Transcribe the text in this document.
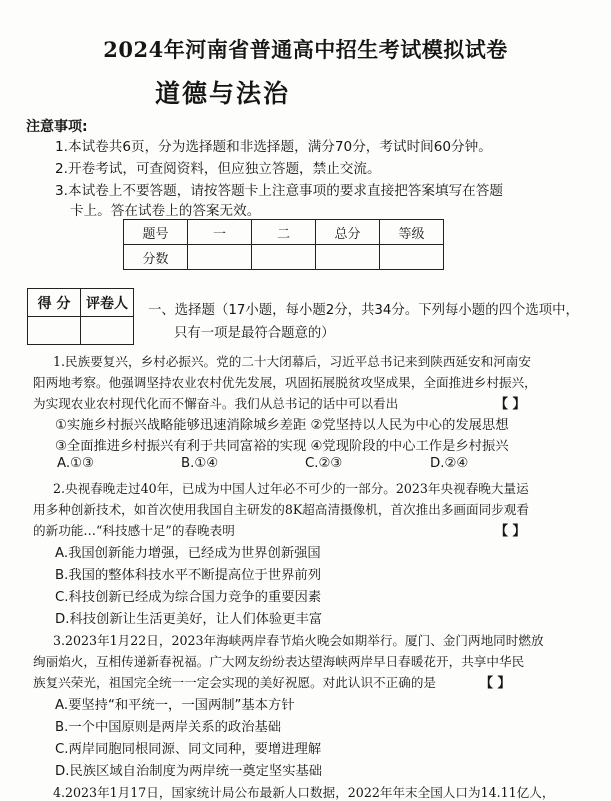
2024年河南省普通高中招生考试模拟试卷
道德与法治
注意事项:
1.本试卷共6页，分为选择题和非选择题，满分70分，考试时间60分钟。
2.开卷考试，可查阅资料，但应独立答题，禁止交流。
3.本试卷上不要答题，请按答题卡上注意事项的要求直接把答案填写在答题
卡上。答在试卷上的答案无效。
题号	一	二	总分	等级
分数				
得 分	评卷人
	一、选择题（17小题，每小题2分，共34分。下列每小题的四个选项中，
只有一项是最符合题意的）
1.民族要复兴，乡村必振兴。党的二十大闭幕后，习近平总书记来到陕西延安和河南安
阳两地考察。他强调坚持农业农村优先发展，巩固拓展脱贫攻坚成果，全面推进乡村振兴，
为实现农业农村现代化而不懈奋斗。我们从总书记的话中可以看出	【 】
①实施乡村振兴战略能够迅速消除城乡差距 ②党坚持以人民为中心的发展思想
③全面推进乡村振兴有利于共同富裕的实现 ④党现阶段的中心工作是乡村振兴
A.①③	B.①④	C.②③	D.②④
2.央视春晚走过40年，已成为中国人过年必不可少的一部分。2023年央视春晚大量运
用多种创新技术，如首次使用我国自主研发的8K超高清摄像机，首次推出多画面同步观看
的新功能…“科技感十足”的春晚表明	【 】
A.我国创新能力增强，已经成为世界创新强国
B.我国的整体科技水平不断提高位于世界前列
C.科技创新已经成为综合国力竞争的重要因素
D.科技创新让生活更美好，让人们体验更丰富
3.2023年1月22日，2023年海峡两岸春节焰火晚会如期举行。厦门、金门两地同时燃放
绚丽焰火，互相传递新春祝福。广大网友纷纷表达望海峡两岸早日春暖花开，共享中华民
族复兴荣光，祖国完全统一一定会实现的美好祝愿。对此认识不正确的是	【 】
A.要坚持“和平统一，一国两制”基本方针
B.一个中国原则是两岸关系的政治基础
C.两岸同胞同根同源、同文同种，要增进理解
D.民族区域自治制度为两岸统一奠定坚实基础
4.2023年1月17日，国家统计局公布最新人口数据，2022年年末全国人口为14.11亿人，
